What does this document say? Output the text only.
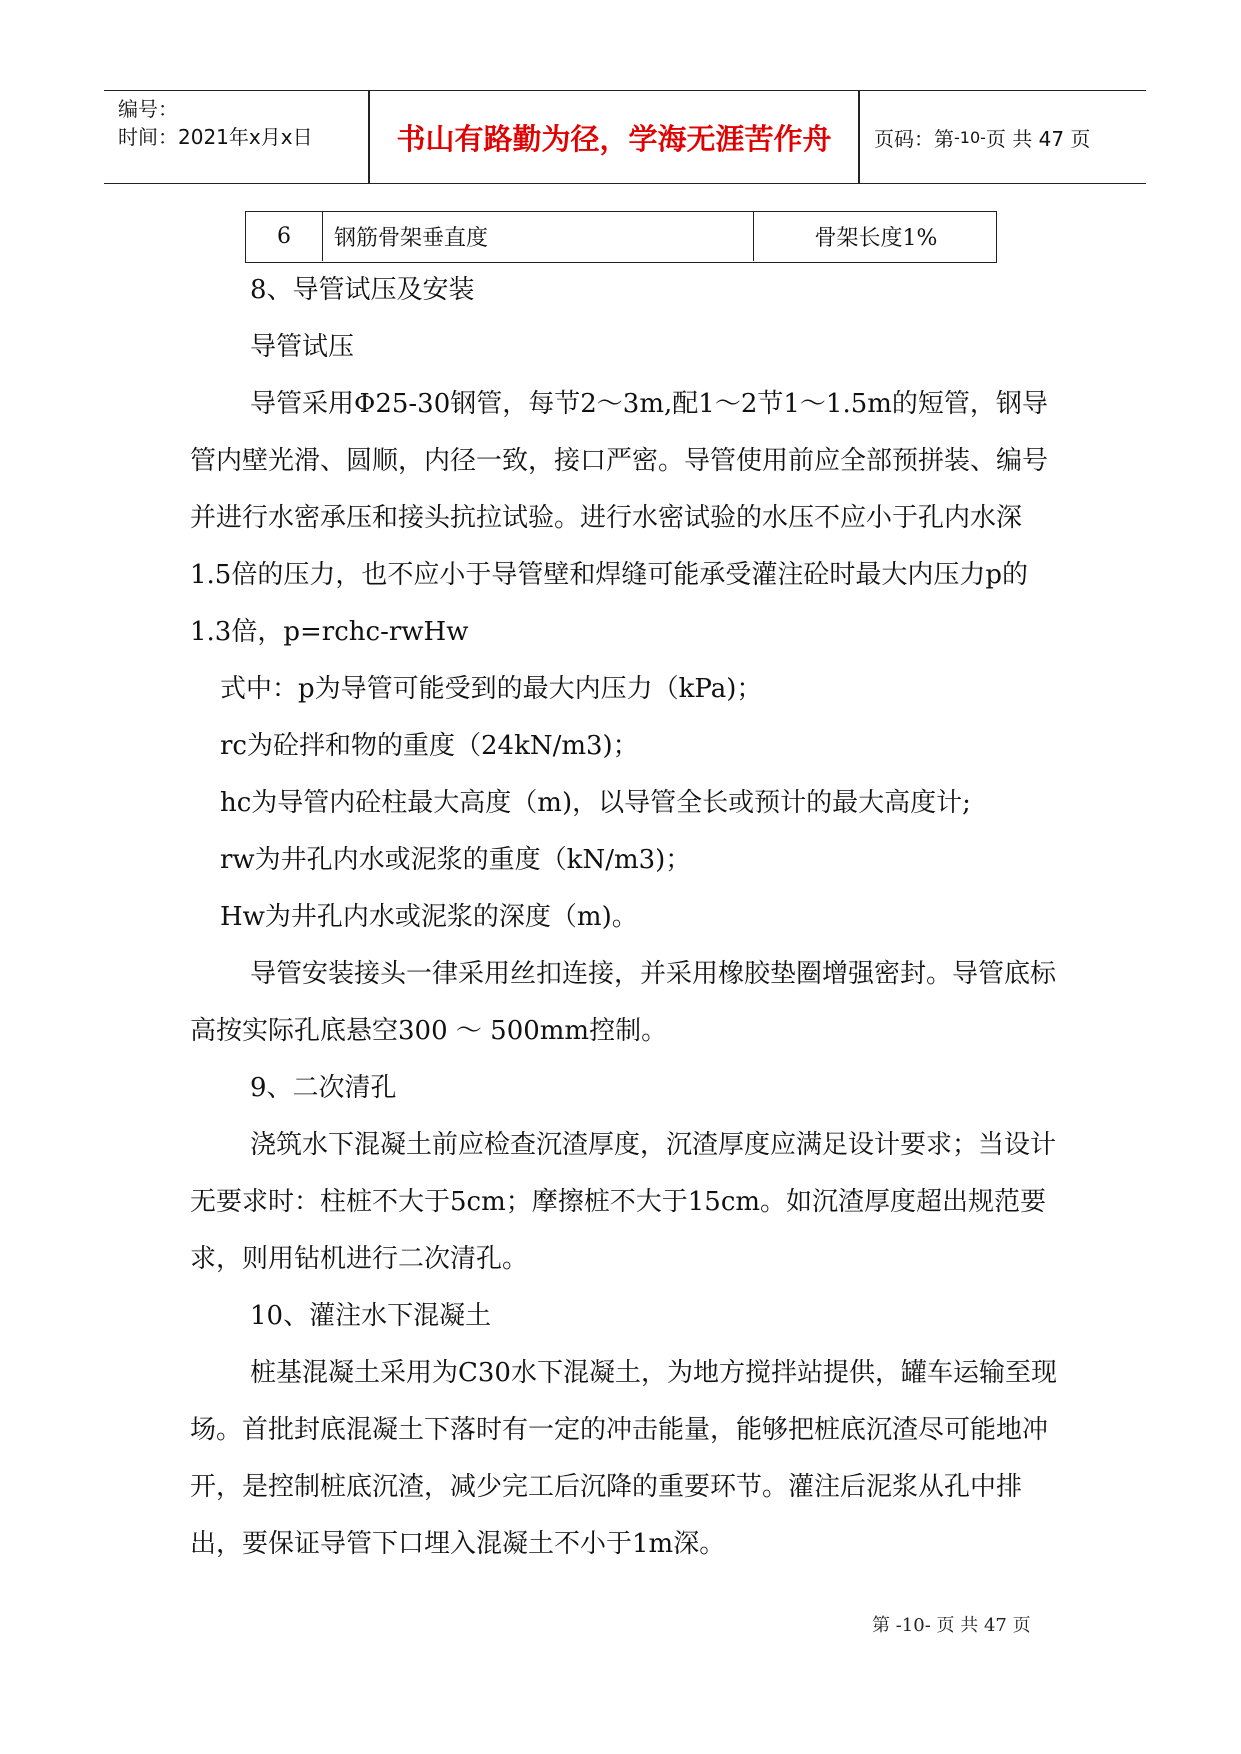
编号：
时间：2021年x月x日	书山有路勤为径，学海无涯苦作舟	页码：第 -10- 页 共 47 页
6	钢筋骨架垂直度	骨架长度1%

8、导管试压及安装

导管试压

导管采用Φ25-30钢管，每节2～3m,配1～2节1～1.5m的短管，钢导管内壁光滑、圆顺，内径一致，接口严密。导管使用前应全部预拼装、编号并进行水密承压和接头抗拉试验。进行水密试验的水压不应小于孔内水深1.5倍的压力，也不应小于导管壁和焊缝可能承受灌注砼时最大内压力p的1.3倍，p=rchc-rwHw

式中：p为导管可能受到的最大内压力（kPa)；

rc为砼拌和物的重度（24kN/m3)；

hc为导管内砼柱最大高度（m)，以导管全长或预计的最大高度计;

rw为井孔内水或泥浆的重度（kN/m3)；

Hw为井孔内水或泥浆的深度（m)。

导管安装接头一律采用丝扣连接，并采用橡胶垫圈增强密封。导管底标高按实际孔底悬空300 ～ 500mm控制。

9、二次清孔

浇筑水下混凝土前应检查沉渣厚度，沉渣厚度应满足设计要求；当设计无要求时：柱桩不大于5cm；摩擦桩不大于15cm。如沉渣厚度超出规范要求，则用钻机进行二次清孔。

10、灌注水下混凝土

桩基混凝土采用为C30水下混凝土，为地方搅拌站提供，罐车运输至现场。首批封底混凝土下落时有一定的冲击能量，能够把桩底沉渣尽可能地冲开，是控制桩底沉渣，减少完工后沉降的重要环节。灌注后泥浆从孔中排出，要保证导管下口埋入混凝土不小于1m深。

第 -10- 页 共 47 页
